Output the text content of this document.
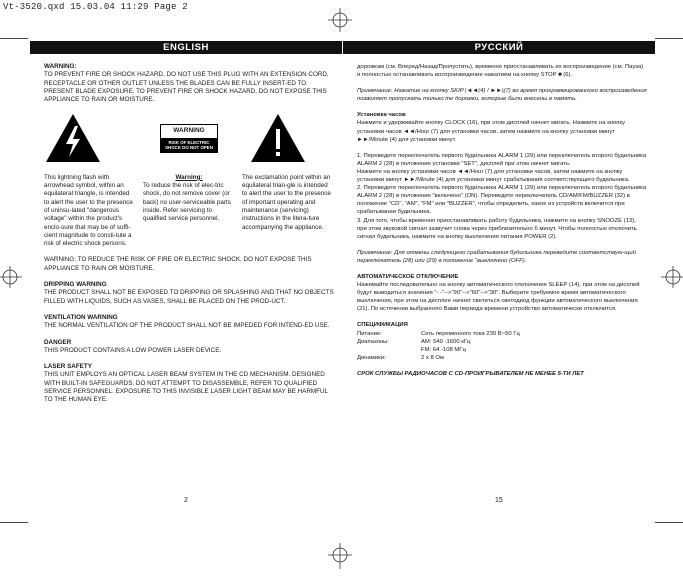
Vt-3520.qxd 15.03.04 11:29 Page 2
ENGLISH	РУССКИЙ
WARNING:
TO PREVENT FIRE OR SHOCK HAZARD, DO NOT USE THIS PLUG WITH AN EXTENSION CORD, RECEPTACLE OR OTHER OUTLET UNLESS THE BLADES CAN BE FULLY INSERT-ED TO PRESENT BLADE EXPOSURE. TO PREVENT FIRE OR SHOCK HAZARD. DO NOT EXPOSE THIS APPLIANCE TO RAIN OR MOISTURE.
WARNING
RISK OF ELECTRIC SHOCK DO NOT OPEN
This lightning flash with arrowhead symbol, within an equilateral triangle, is intended to alert the user to the presence of uninsu-lated "dangerous voltage" within the product's enclo-sure that may be of suffi-cient magnitude to consti-tute a risk of electric shock persons.
Warning:
To reduce the risk of elec-tric shock, do not remove cover (or back) no user-serviceable parts inside. Refer servicing to qualified service personnel.
The exclamation point within an equilateral trian-gle is intended to alert the user to the presence of important operating and maintenance (servicing) instructions in the litera-ture accompanying the appliance.
WARNING: TO REDUCE THE RISK OF FIRE OR ELECTRIC SHOCK, DO NOT EXPOSE THIS APPLIANCE TO RAIN OR MOISTURE.
DRIPPING WARNING
THE PRODUCT SHALL NOT BE EXPOSED TO DRIPPING OR SPLASHING AND THAT NO OBJECTS FILLED WITH LIQUIDS, SUCH AS VASES, SHALL BE PLACED ON THE PROD-UCT.
VENTILATION WARNING
THE NORMAL VENTILATION OF THE PRODUCT SHALL NOT BE IMPEDED FOR INTEND-ED USE.
DANGER
THIS PRODUCT CONTAINS A LOW POWER LASER DEVICE.
LASER SAFETY
THIS UNIT EMPLOYS AN OPTICAL LASER BEAM SYSTEM IN THE CD MECHANISM. DESIGNED WITH BUILT-IN SAFEGUARDS. DO NOT ATTEMPT TO DISASSEMBLE, REFER TO QUALIFIED SERVICE PERSONNEL. EXPOSURE TO THIS INVISIBLE LASER LIGHT BEAM MAY BE HARMFUL TO THE HUMAN EYE.
2
дорожкам (см. Вперед/Назад/Пропустить), временно приостанавливать их воспроизведение (см. Пауза) и полностью останавливать воспроизведение нажатием на кнопку STOP ■ (6).
Примечание: Нажатие на кнопку SKIP |◄◄(4) / ►►|(7) во время программированного воспроизведения позволяет пропускать только те дорожки, которые были внесены в память.
Установка часов
Нажмите и удерживайте кнопку CLOCK (16), при этом дисплей начнет мигать. Нажмите на кнопку установки часов ◄◄/Hour (7) для установки часов, затем нажмите на кнопку установки минут ►►/Minute (4) для установки минут.
1. Переведите переключатель первого будильника ALARM 1 (29) или переключатель второго будильника ALARM 2 (28) в положение установки "SET", дисплей при этом начнет мигать.
Нажмите на кнопку установки часов ◄◄/Hour (7) для установки часов, затем нажмите на кнопку установки минут ►►/Minute (4) для установки минут срабатывания соответствующего будильника.
2. Переведите переключатель первого будильника ALARM 1 (29) или переключатель второго будильника ALARM 2 (28) в положение "включено" (ON). Переведите переключатель CD/AM/FM/BUZZER (32) в положение "CD", "AM", "FM" или "BUZZER", чтобы определить, какое из устройств включится при срабатывании будильника.
3. Для того, чтобы временно приостанавливать работу будильника, нажмите на кнопку SNOOZE (13), при этом звуковой сигнал зазвучит снова через приблизительно 6 минут. Чтобы полностью отключить сигнал будильника, нажмите на кнопку выключения питания POWER (2).
Примечание: Для отмены следующего срабатывания будильника переведите соответствую-щий переключатель (28) или (29) в положение "выключено (OFF).
АВТОМАТИЧЕСКОЕ ОТКЛЮЧЕНИЕ
Нажимайте последовательно на кнопку автоматического отключения SLEEP (14), при этом на дисплей будут выводиться значения "- -"-->"90"-->"60"-->"30". Выберите требуемое время автоматического выключения, при этом на дисплее начнет светиться светодиод функции автоматического выключения (21). По истечении выбранного Вами периода времени устройство автоматически отключится.
СПЕЦИФИКАЦИЯ
Питание:	Сеть переменного тока 230 В~50 Гц
Диапазоны:	AM: 540 -1600 кГц
FM: 64 -108 МГц
Динамики:	2 x 8 Ом
СРОК СЛУЖБЫ РАДИОЧАСОВ С CD-ПРОИГРЫВАТЕЛЕМ НЕ МЕНЕЕ 5-ТИ ЛЕТ
15
